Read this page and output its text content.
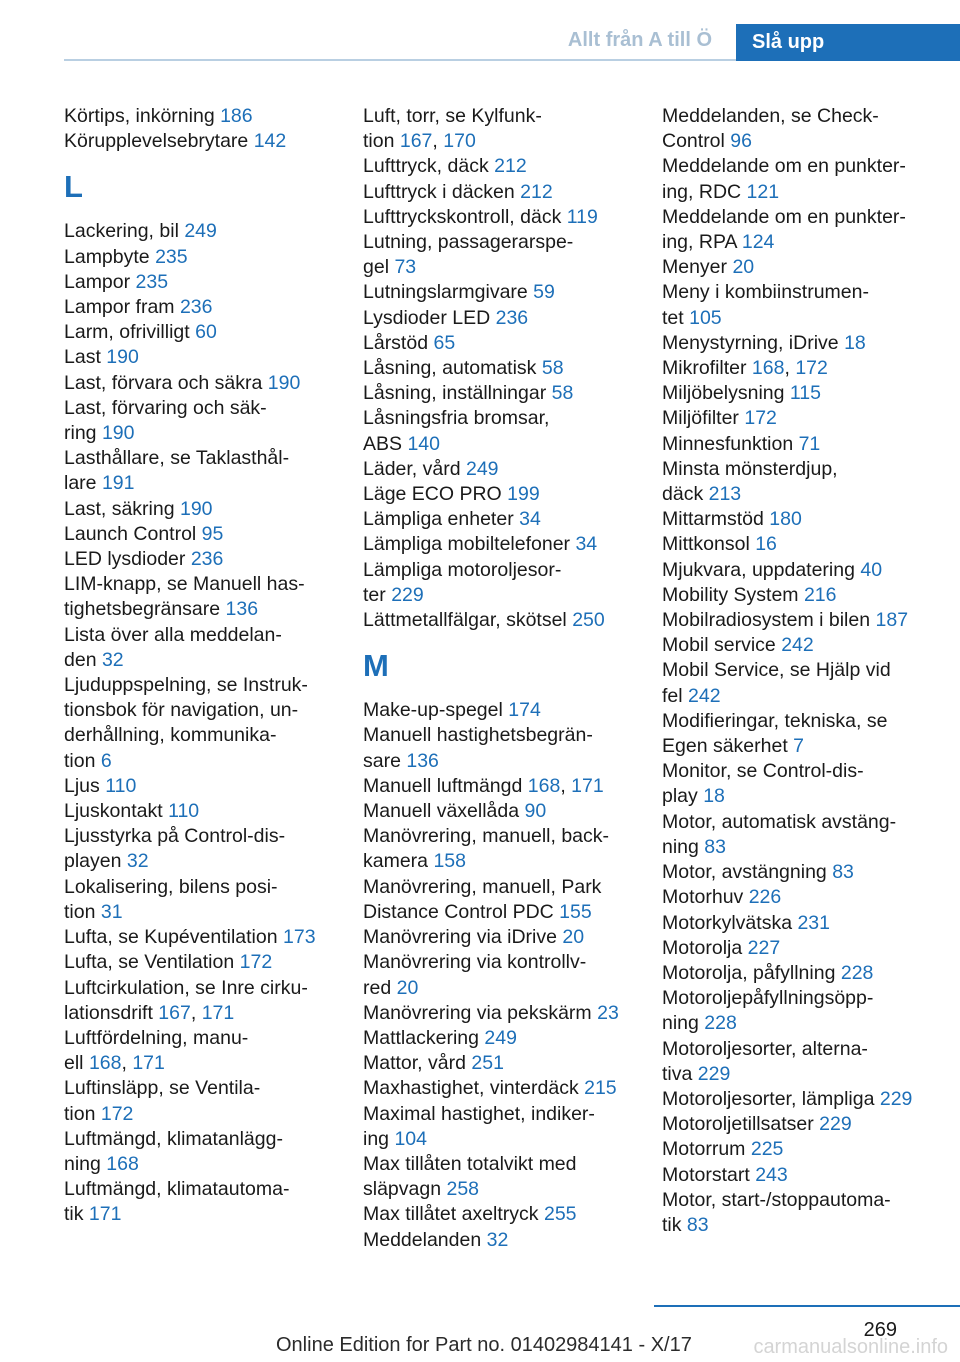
Allt från A till Ö	Slå upp
Körtips, inkörning 186
Körupplevelsebrytare 142
L
Lackering, bil 249
Lampbyte 235
Lampor 235
Lampor fram 236
Larm, ofrivilligt 60
Last 190
Last, förvara och säkra 190
Last, förvaring och säk-
ring 190
Lasthållare, se Taklasthål-
lare 191
Last, säkring 190
Launch Control 95
LED lysdioder 236
LIM-knapp, se Manuell has-
tighetsbegränsare 136
Lista över alla meddelan-
den 32
Ljuduppspelning, se Instruk-
tionsbok för navigation, un-
derhållning, kommunika-
tion 6
Ljus 110
Ljuskontakt 110
Ljusstyrka på Control-dis-
playen 32
Lokalisering, bilens posi-
tion 31
Lufta, se Kupéventilation 173
Lufta, se Ventilation 172
Luftcirkulation, se Inre cirku-
lationsdrift 167, 171
Luftfördelning, manu-
ell 168, 171
Luftinsläpp, se Ventila-
tion 172
Luftmängd, klimatanlägg-
ning 168
Luftmängd, klimatautoma-
tik 171
Luft, torr, se Kylfunk-
tion 167, 170
Lufttryck, däck 212
Lufttryck i däcken 212
Lufttryckskontroll, däck 119
Lutning, passagerarspe-
gel 73
Lutningslarmgivare 59
Lysdioder LED 236
Lårstöd 65
Låsning, automatisk 58
Låsning, inställningar 58
Låsningsfria bromsar,
ABS 140
Läder, vård 249
Läge ECO PRO 199
Lämpliga enheter 34
Lämpliga mobiltelefoner 34
Lämpliga motoroljesor-
ter 229
Lättmetallfälgar, skötsel 250
M
Make-up-spegel 174
Manuell hastighetsbegrän-
sare 136
Manuell luftmängd 168, 171
Manuell växellåda 90
Manövrering, manuell, back-
kamera 158
Manövrering, manuell, Park
Distance Control PDC 155
Manövrering via iDrive 20
Manövrering via kontrollv-
red 20
Manövrering via pekskärm 23
Mattlackering 249
Mattor, vård 251
Maxhastighet, vinterdäck 215
Maximal hastighet, indiker-
ing 104
Max tillåten totalvikt med
släpvagn 258
Max tillåtet axeltryck 255
Meddelanden 32
Meddelanden, se Check-
Control 96
Meddelande om en punkter-
ing, RDC 121
Meddelande om en punkter-
ing, RPA 124
Menyer 20
Meny i kombiinstrumen-
tet 105
Menystyrning, iDrive 18
Mikrofilter 168, 172
Miljöbelysning 115
Miljöfilter 172
Minnesfunktion 71
Minsta mönsterdjup,
däck 213
Mittarmstöd 180
Mittkonsol 16
Mjukvara, uppdatering 40
Mobility System 216
Mobilradiosystem i bilen 187
Mobil service 242
Mobil Service, se Hjälp vid
fel 242
Modifieringar, tekniska, se
Egen säkerhet 7
Monitor, se Control-dis-
play 18
Motor, automatisk avstäng-
ning 83
Motor, avstängning 83
Motorhuv 226
Motorkylvätska 231
Motorolja 227
Motorolja, påfyllning 228
Motoroljepåfyllningsöpp-
ning 228
Motoroljesorter, alterna-
tiva 229
Motoroljesorter, lämpliga 229
Motoroljetillsatser 229
Motorrum 225
Motorstart 243
Motor, start-/stoppautoma-
tik 83
269
Online Edition for Part no. 01402984141 - X/17	carmanualsonline.info
